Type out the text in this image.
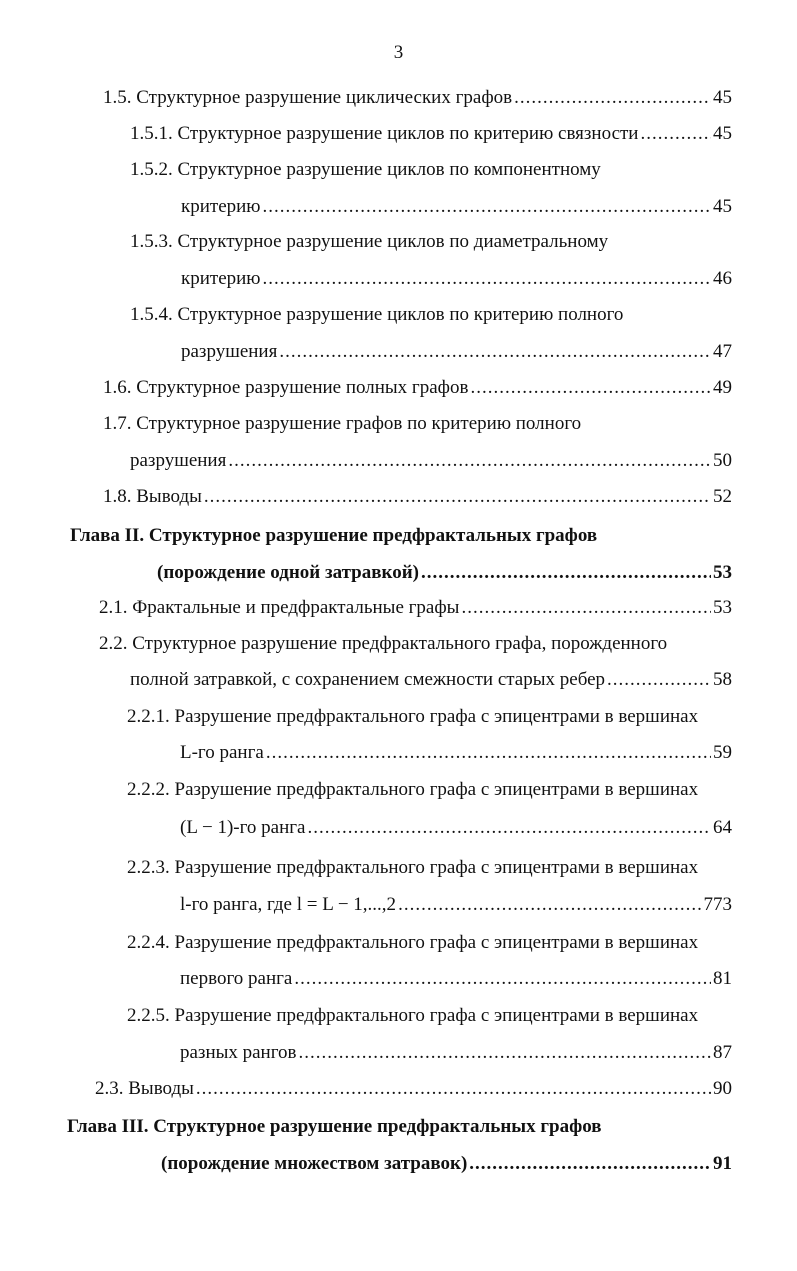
3
1.5. Структурное разрушение циклических графов .....	45
1.5.1. Структурное разрушение циклов по критерию связности .....	45
1.5.2. Структурное разрушение циклов по компонентному
критерию .....	45
1.5.3. Структурное разрушение циклов по диаметральному
критерию .....	46
1.5.4. Структурное разрушение циклов по критерию полного
разрушения .....	47
1.6. Структурное разрушение полных графов .....	49
1.7. Структурное разрушение графов по критерию полного
разрушения .....	50
1.8. Выводы .....	52
Глава II. Структурное разрушение предфрактальных графов
(порождение одной затравкой) .....	53
2.1. Фрактальные и предфрактальные графы .....	53
2.2. Структурное разрушение предфрактального графа, порожденного
полной затравкой, с сохранением смежности старых ребер .....	58
2.2.1. Разрушение предфрактального графа с эпицентрами в вершинах
L-го ранга .....	59
2.2.2. Разрушение предфрактального графа с эпицентрами в вершинах
(L − 1)-го ранга .....	64
2.2.3. Разрушение предфрактального графа с эпицентрами в вершинах
l-го ранга, где l = L − 1,...,2 .....	773
2.2.4. Разрушение предфрактального графа с эпицентрами в вершинах
первого ранга .....	81
2.2.5. Разрушение предфрактального графа с эпицентрами в вершинах
разных рангов .....	87
2.3. Выводы .....	90
Глава III. Структурное разрушение предфрактальных графов
(порождение множеством затравок) .....	91
